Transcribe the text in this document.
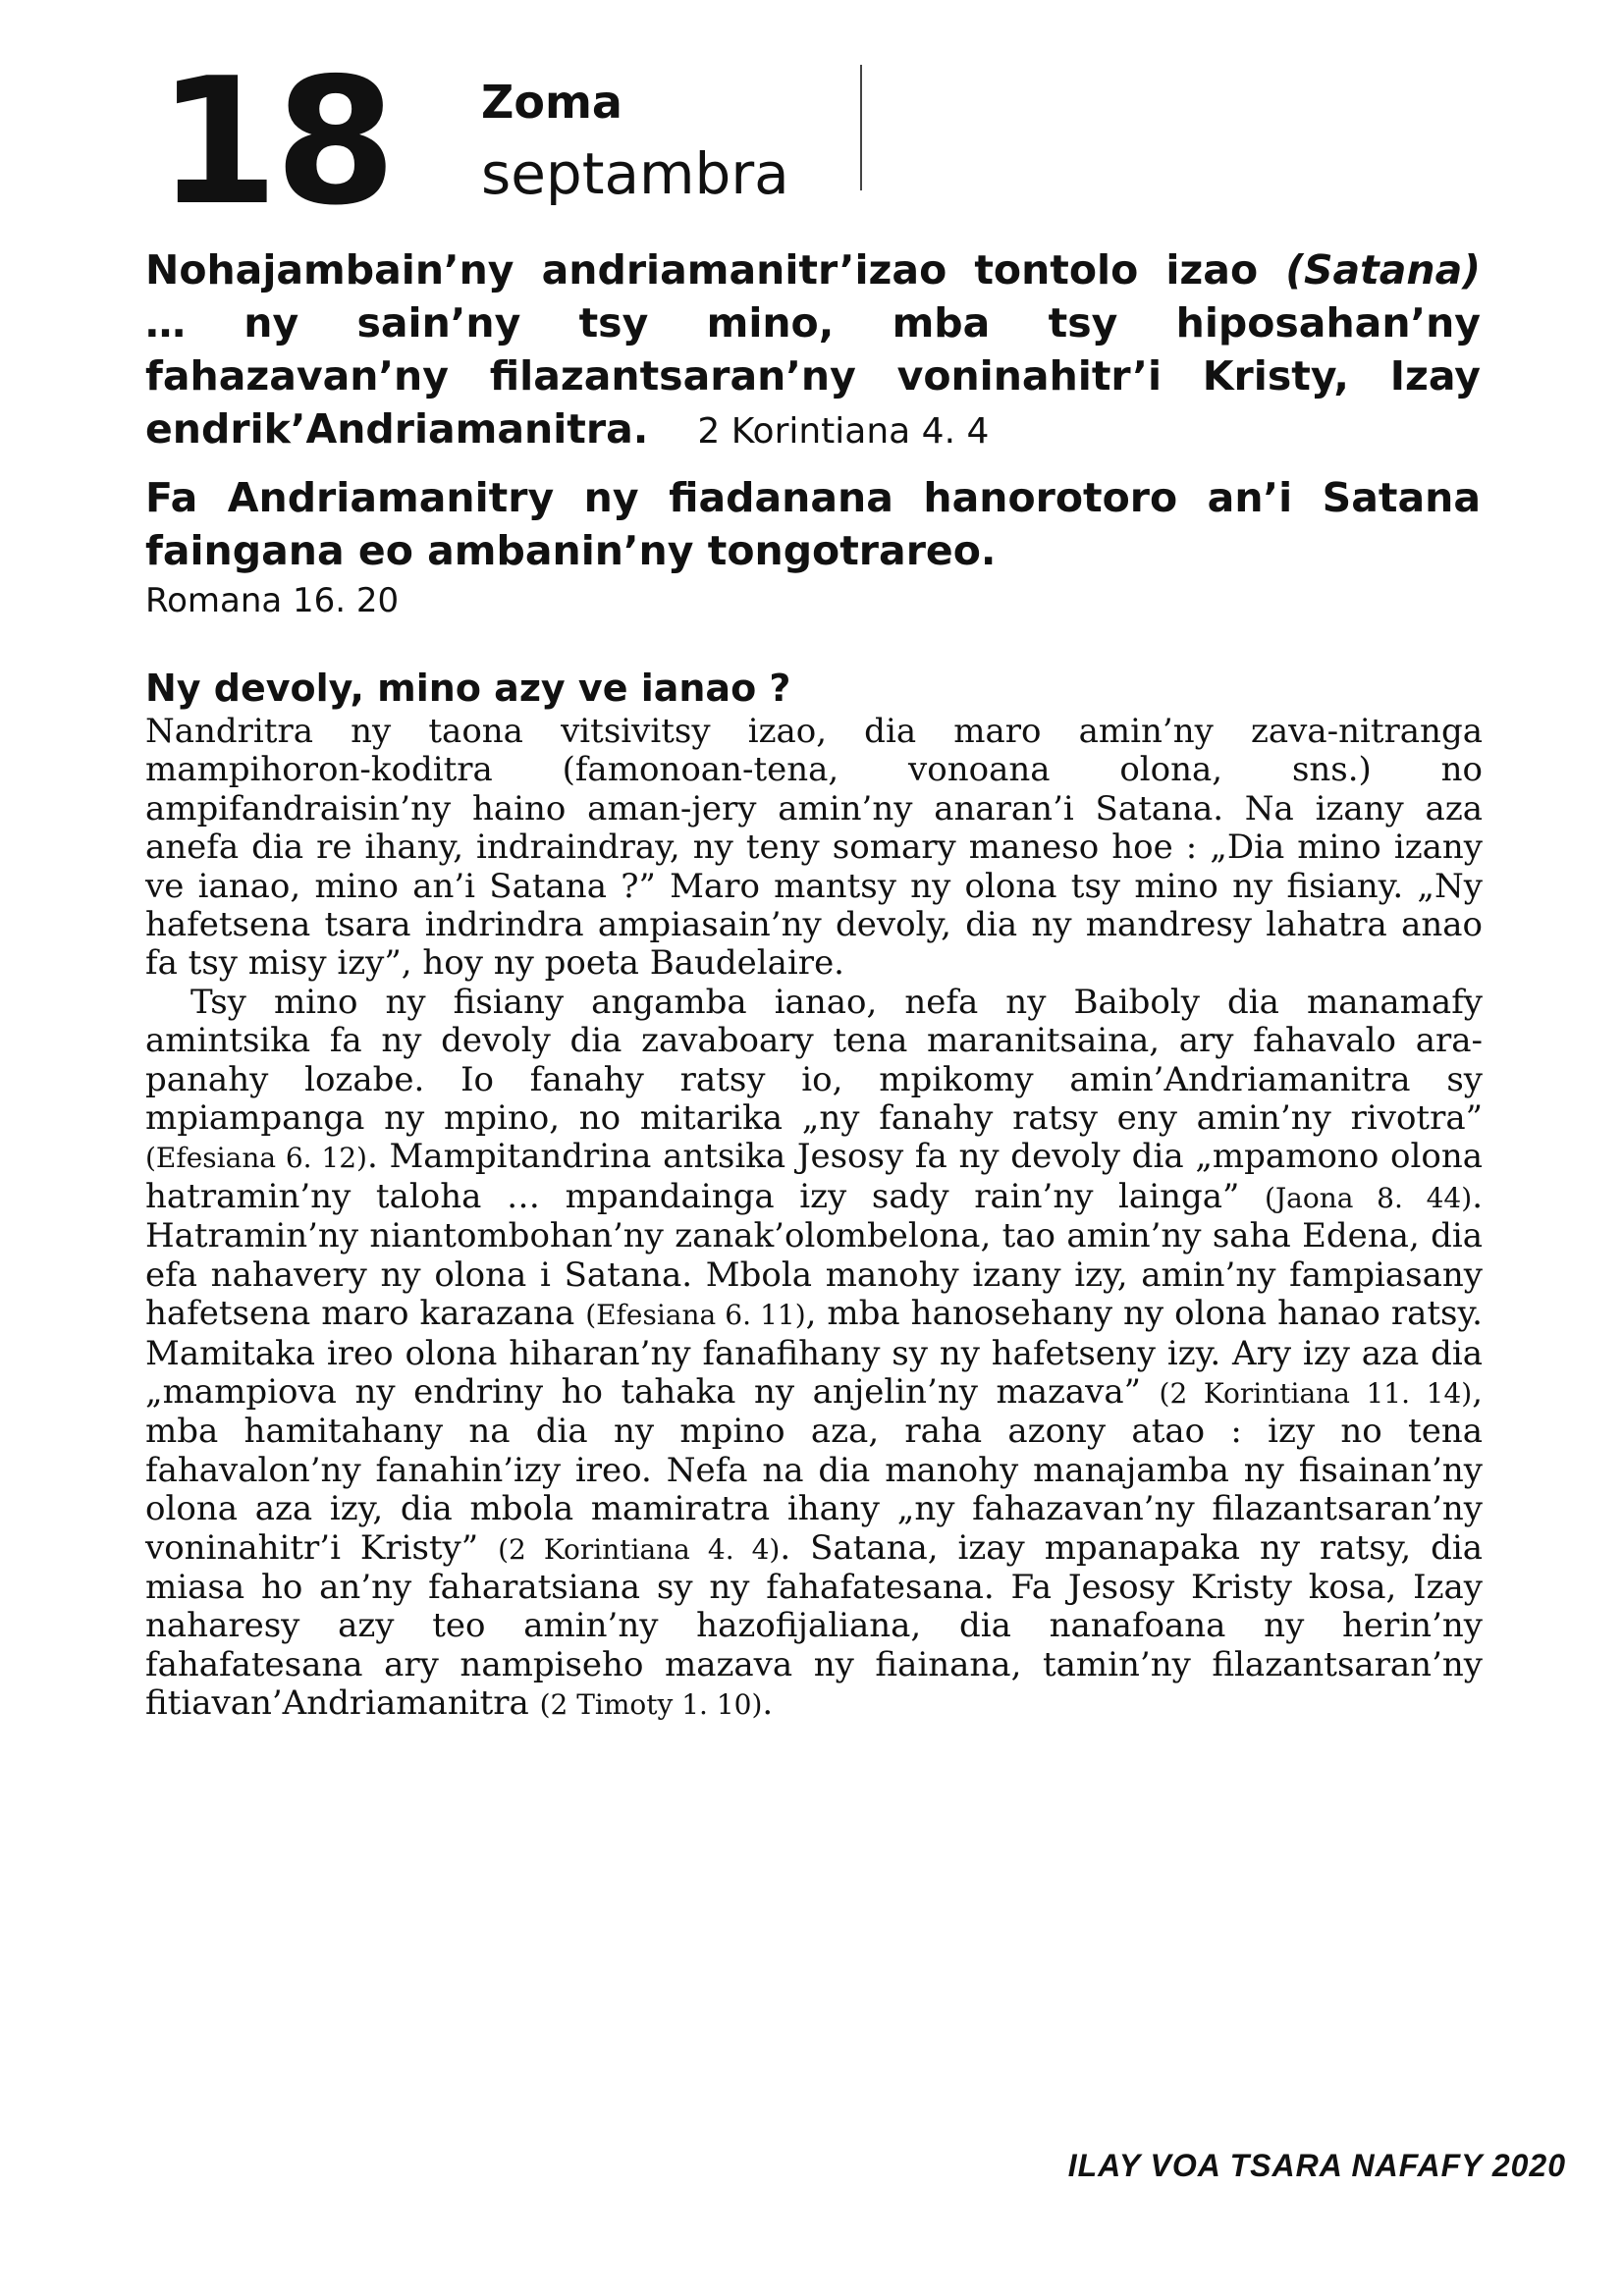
18 Zoma
septambra

Nohajambain’ny andriamanitr’izao tontolo izao (Satana) … ny sain’ny tsy mino, mba tsy hiposahan’ny fahazavan’ny filazantsaran’ny voninahitr’i Kristy, Izay endrik’Andriamanitra. 2 Korintiana 4. 4

Fa Andriamanitry ny fiadanana hanorotoro an’i Satana faingana eo ambanin’ny tongotrareo.

Romana 16. 20
Ny devoly, mino azy ve ianao ?

Nandritra ny taona vitsivitsy izao, dia maro amin’ny zava-nitranga mampihoron-koditra (famonoan-tena, vonoana olona, sns.) no ampifandraisin’ny haino aman-jery amin’ny anaran’i Satana. Na izany aza anefa dia re ihany, indraindray, ny teny somary maneso hoe : „Dia mino izany ve ianao, mino an’i Satana ?” Maro mantsy ny olona tsy mino ny fisiany. „Ny hafetsena tsara indrindra ampiasain’ny devoly, dia ny mandresy lahatra anao fa tsy misy izy”, hoy ny poeta Baudelaire.

Tsy mino ny fisiany angamba ianao, nefa ny Baiboly dia manamafy amintsika fa ny devoly dia zavaboary tena maranitsaina, ary fahavalo ara-panahy lozabe. Io fanahy ratsy io, mpikomy amin’Andriamanitra sy mpiampanga ny mpino, no mitarika „ny fanahy ratsy eny amin’ny rivotra” (Efesiana 6. 12). Mampitandrina antsika Jesosy fa ny devoly dia „mpamono olona hatramin’ny taloha … mpandainga izy sady rain’ny lainga” (Jaona 8. 44). Hatramin’ny niantombohan’ny zanak’olombelona, tao amin’ny saha Edena, dia efa nahavery ny olona i Satana. Mbola manohy izany izy, amin’ny fampiasany hafetsena maro karazana (Efesiana 6. 11), mba hanosehany ny olona hanao ratsy. Mamitaka ireo olona hiharan’ny fanafihany sy ny hafetseny izy. Ary izy aza dia „mampiova ny endriny ho tahaka ny anjelin’ny mazava” (2 Korintiana 11. 14), mba hamitahany na dia ny mpino aza, raha azony atao : izy no tena fahavalon’ny fanahin’izy ireo. Nefa na dia manohy manajamba ny fisainan’ny olona aza izy, dia mbola mamiratra ihany „ny fahazavan’ny filazantsaran’ny voninahitr’i Kristy” (2 Korintiana 4. 4). Satana, izay mpanapaka ny ratsy, dia miasa ho an’ny faharatsiana sy ny fahafatesana. Fa Jesosy Kristy kosa, Izay naharesy azy teo amin’ny hazofijaliana, dia nanafoana ny herin’ny fahafatesana ary nampiseho mazava ny fiainana, tamin’ny filazantsaran’ny fitiavan’Andriamanitra (2 Timoty 1. 10).

ILAY VOA TSARA NAFAFY 2020
